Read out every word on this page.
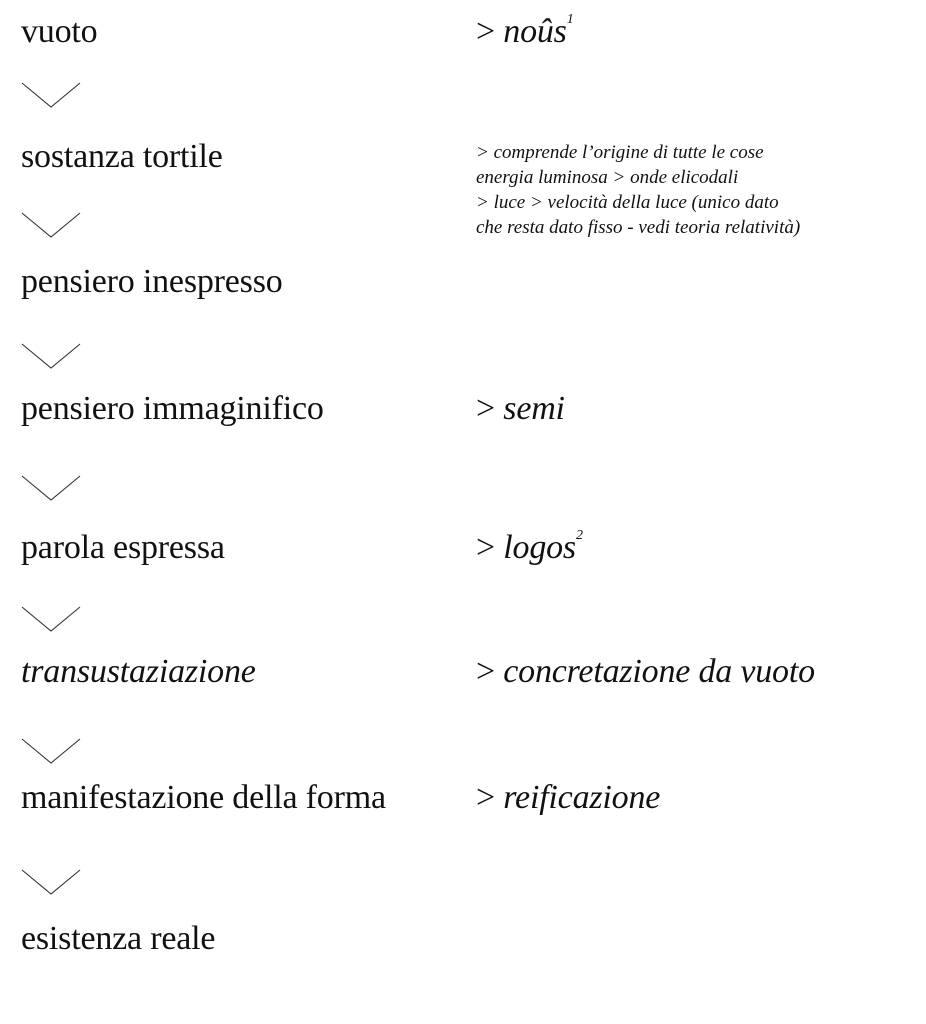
vuoto
sostanza tortile
pensiero inespresso
pensiero immaginifico
parola espressa
transustaziazione
manifestazione della forma
esistenza reale
> noûs$^1$
> comprende l’origine di tutte le cose
energia luminosa > onde elicodali
> luce > velocità della luce (unico dato
che resta dato fisso - vedi teoria relatività)
> semi
> logos$^2$
> concretazione da vuoto
> reificazione
